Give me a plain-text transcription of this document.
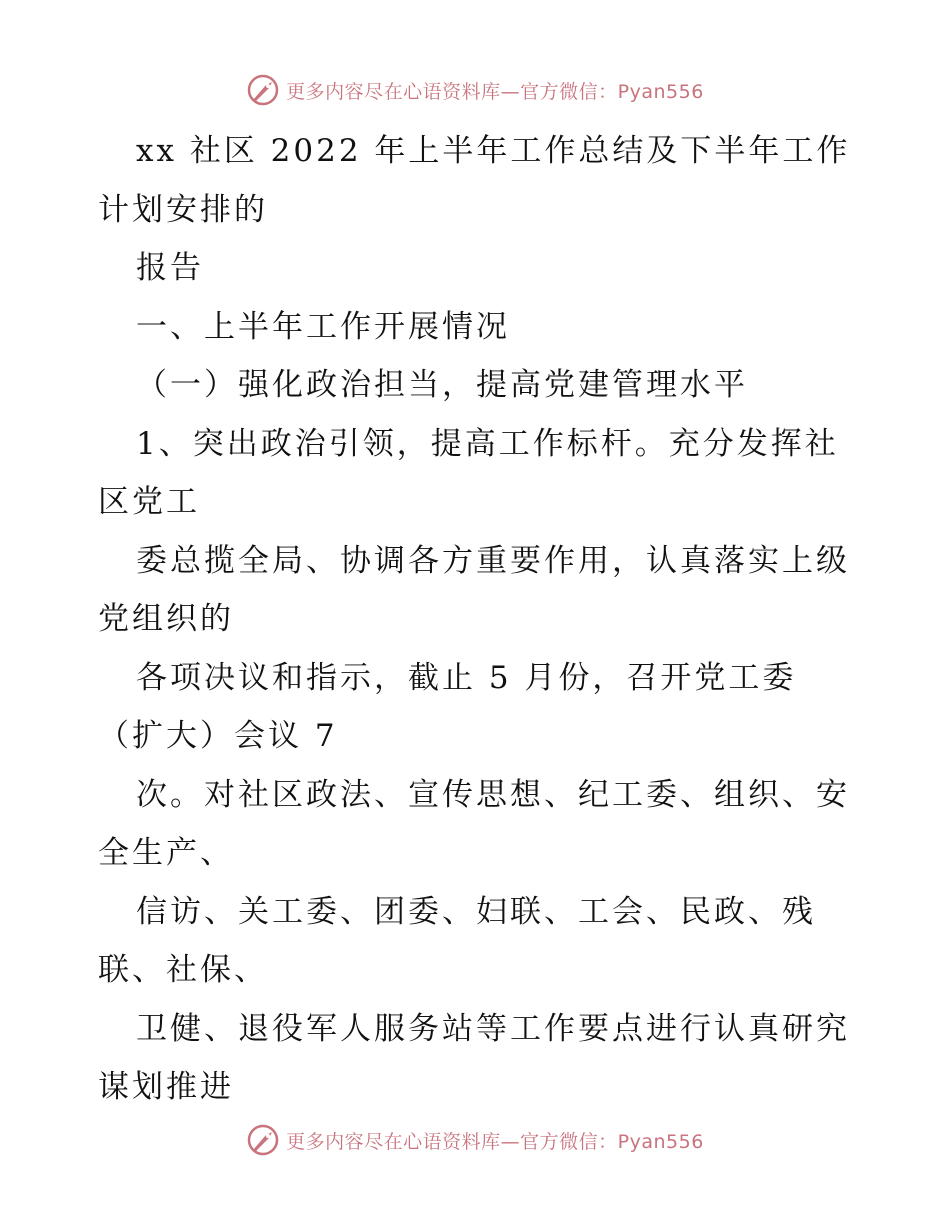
更多内容尽在心语资料库—官方微信：Pyan556
xx 社区 2022 年上半年工作总结及下半年工作
计划安排的
报告
一、上半年工作开展情况
（一）强化政治担当，提高党建管理水平
1、突出政治引领，提高工作标杆。充分发挥社
区党工
委总揽全局、协调各方重要作用，认真落实上级
党组织的
各项决议和指示，截止 5 月份，召开党工委
（扩大）会议 7
次。对社区政法、宣传思想、纪工委、组织、安
全生产、
信访、关工委、团委、妇联、工会、民政、残
联、社保、
卫健、退役军人服务站等工作要点进行认真研究
谋划推进
更多内容尽在心语资料库—官方微信：Pyan556
